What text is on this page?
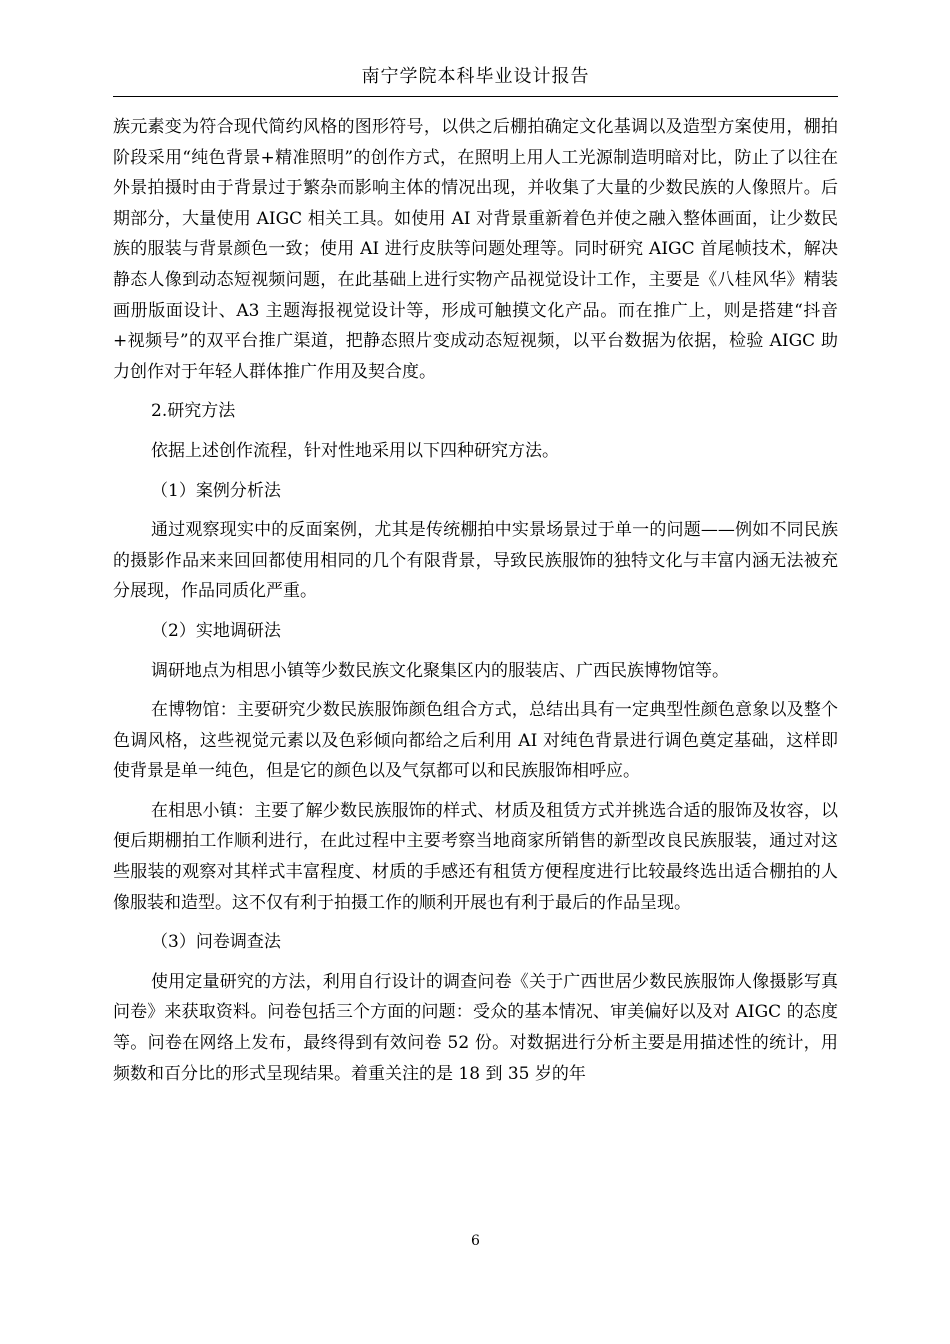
南宁学院本科毕业设计报告

族元素变为符合现代简约风格的图形符号，以供之后棚拍确定文化基调以及造型方案使用，棚拍阶段采用“纯色背景+精准照明”的创作方式，在照明上用人工光源制造明暗对比，防止了以往在外景拍摄时由于背景过于繁杂而影响主体的情况出现，并收集了大量的少数民族的人像照片。后期部分，大量使用 AIGC 相关工具。如使用 AI 对背景重新着色并使之融入整体画面，让少数民族的服装与背景颜色一致；使用 AI 进行皮肤等问题处理等。同时研究 AIGC 首尾帧技术，解决静态人像到动态短视频问题，在此基础上进行实物产品视觉设计工作，主要是《八桂风华》精装画册版面设计、A3 主题海报视觉设计等，形成可触摸文化产品。而在推广上，则是搭建“抖音+视频号”的双平台推广渠道，把静态照片变成动态短视频，以平台数据为依据，检验 AIGC 助力创作对于年轻人群体推广作用及契合度。

2.研究方法

依据上述创作流程，针对性地采用以下四种研究方法。

（1）案例分析法

通过观察现实中的反面案例，尤其是传统棚拍中实景场景过于单一的问题——例如不同民族的摄影作品来来回回都使用相同的几个有限背景，导致民族服饰的独特文化与丰富内涵无法被充分展现，作品同质化严重。

（2）实地调研法

调研地点为相思小镇等少数民族文化聚集区内的服装店、广西民族博物馆等。

在博物馆：主要研究少数民族服饰颜色组合方式，总结出具有一定典型性颜色意象以及整个色调风格，这些视觉元素以及色彩倾向都给之后利用 AI 对纯色背景进行调色奠定基础，这样即使背景是单一纯色，但是它的颜色以及气氛都可以和民族服饰相呼应。

在相思小镇：主要了解少数民族服饰的样式、材质及租赁方式并挑选合适的服饰及妆容，以便后期棚拍工作顺利进行，在此过程中主要考察当地商家所销售的新型改良民族服装，通过对这些服装的观察对其样式丰富程度、材质的手感还有租赁方便程度进行比较最终选出适合棚拍的人像服装和造型。这不仅有利于拍摄工作的顺利开展也有利于最后的作品呈现。

（3）问卷调查法

使用定量研究的方法，利用自行设计的调查问卷《关于广西世居少数民族服饰人像摄影写真问卷》来获取资料。问卷包括三个方面的问题：受众的基本情况、审美偏好以及对 AIGC 的态度等。问卷在网络上发布，最终得到有效问卷 52 份。对数据进行分析主要是用描述性的统计，用频数和百分比的形式呈现结果。着重关注的是 18 到 35 岁的年

6
